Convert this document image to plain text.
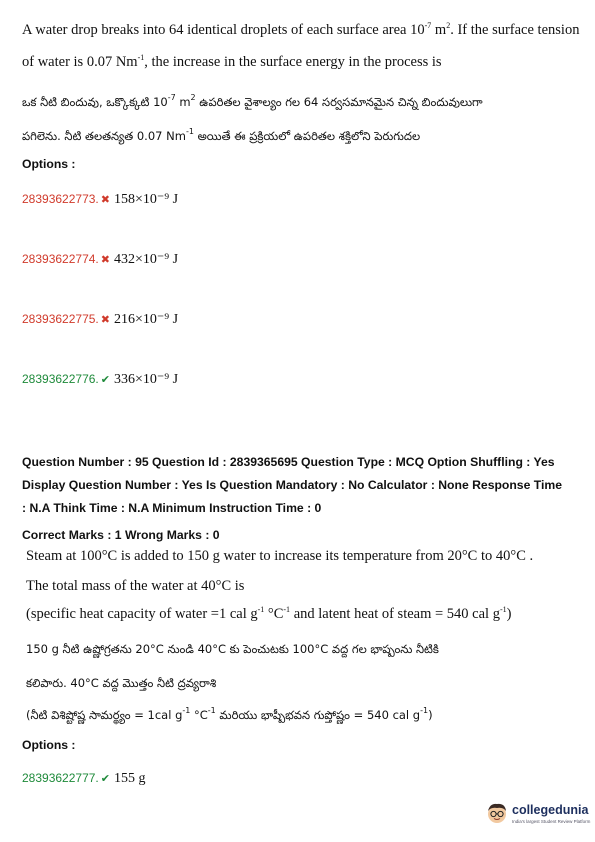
A water drop breaks into 64 identical droplets of each surface area $10^{-7}$ $m^2$. If the surface tension
of water is 0.07 $Nm^{-1}$, the increase in the surface energy in the process is
ఒక నీటి బిందువు, ఒక్కొక్కటి $10^{-7}$ $m^2$ ఉపరితల వైశాల్యం గల 64 సర్వసమానమైన చిన్న బిందువులుగా
పగిలెను. నీటి తలతన్యత 0.07 $Nm^{-1}$ అయితే ఈ ప్రక్రియలో ఉపరితల శక్తిలోని పెరుగుదల
Options :
28393622773. ✖ 158×10⁻⁹ J
28393622774. ✖ 432×10⁻⁹ J
28393622775. ✖ 216×10⁻⁹ J
28393622776. ✔ 336×10⁻⁹ J
Question Number : 95 Question Id : 2839365695 Question Type : MCQ Option Shuffling : Yes
Display Question Number : Yes Is Question Mandatory : No Calculator : None Response Time
: N.A Think Time : N.A Minimum Instruction Time : 0
Correct Marks : 1 Wrong Marks : 0
Steam at 100°C is added to 150 g water to increase its temperature from 20°C to 40°C .
The total mass of the water at 40°C is
(specific heat capacity of water =1 cal $g^{-1}$ $^\circ C^{-1}$ and latent heat of steam = 540 cal $g^{-1}$)
150 g నీటి ఉష్ణోగ్రతను 20°C నుండి 40°C కు పెంచుటకు 100°C వద్ద గల భాష్పంను నీటికి
కలిపారు. 40°C వద్ద మొత్తం నీటి ద్రవ్యరాశి
(నీటి విశిష్టోష్ణ సామర్థ్యం = 1cal $g^{-1}$ $^\circ C^{-1}$ మరియు భాష్పీభవన గుప్తోష్ణం = 540 cal $g^{-1}$)
Options :
28393622777. ✔ 155 g
collegedunia
India's largest Student Review Platform
